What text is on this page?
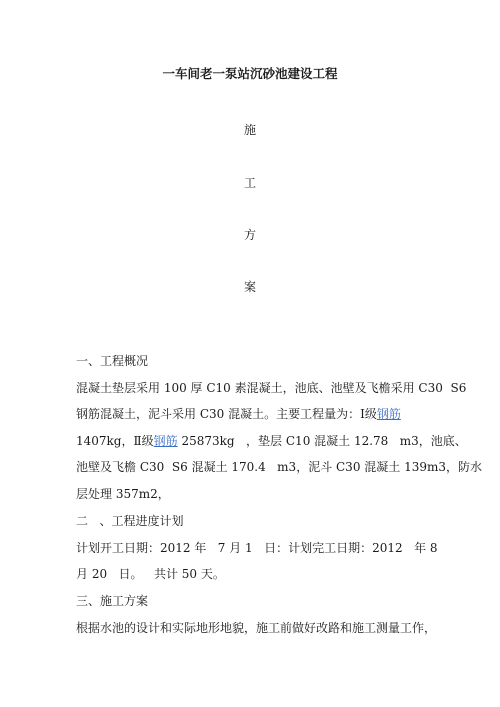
一车间老一泵站沉砂池建设工程
施
工
方
案
一、工程概况
混凝土垫层采用 100 厚 C10 素混凝土，池底、池壁及飞檐采用 C30  S6
钢筋混凝土，泥斗采用 C30 混凝土。主要工程量为：Ⅰ级钢筋
1407kg，Ⅱ级钢筋 25873kg   ，垫层 C10 混凝土 12.78   m3，池底、
池壁及飞檐 C30  S6 混凝土 170.4   m3，泥斗 C30 混凝土 139m3，防水
层处理 357m2，
二   、工程进度计划
计划开工日期：2012 年   7 月 1   日：计划完工日期：2012   年 8
月 20   日。   共计 50 天。
三、施工方案
根据水池的设计和实际地形地貌，施工前做好改路和施工测量工作，
